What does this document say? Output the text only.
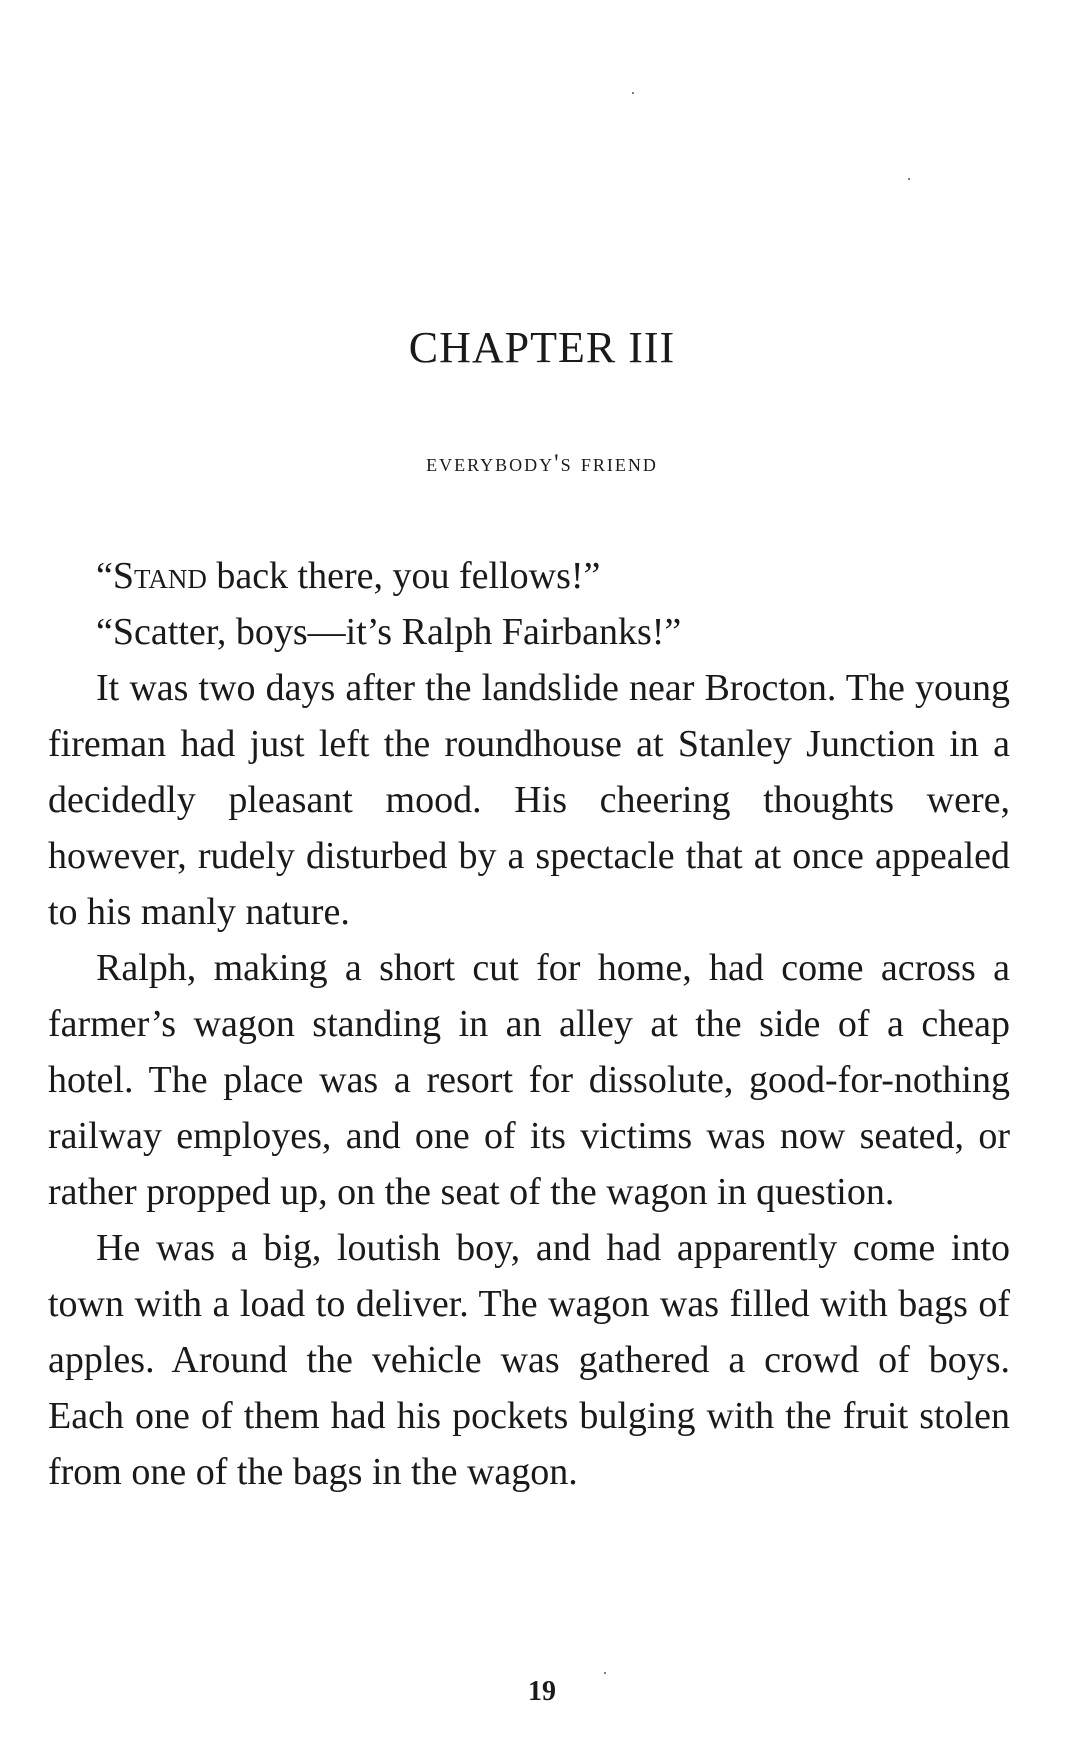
CHAPTER III
everybody's friend

“Stand back there, you fellows!”

“Scatter, boys—it’s Ralph Fairbanks!”

It was two days after the landslide near Brocton. The young fireman had just left the roundhouse at Stanley Junction in a decidedly pleasant mood. His cheering thoughts were, however, rudely disturbed by a spectacle that at once appealed to his manly nature.

Ralph, making a short cut for home, had come across a farmer’s wagon standing in an alley at the side of a cheap hotel. The place was a resort for dissolute, good-for-nothing railway employes, and one of its victims was now seated, or rather propped up, on the seat of the wagon in question.

He was a big, loutish boy, and had apparently come into town with a load to deliver. The wagon was filled with bags of apples. Around the vehicle was gathered a crowd of boys. Each one of them had his pockets bulging with the fruit stolen from one of the bags in the wagon.

19
